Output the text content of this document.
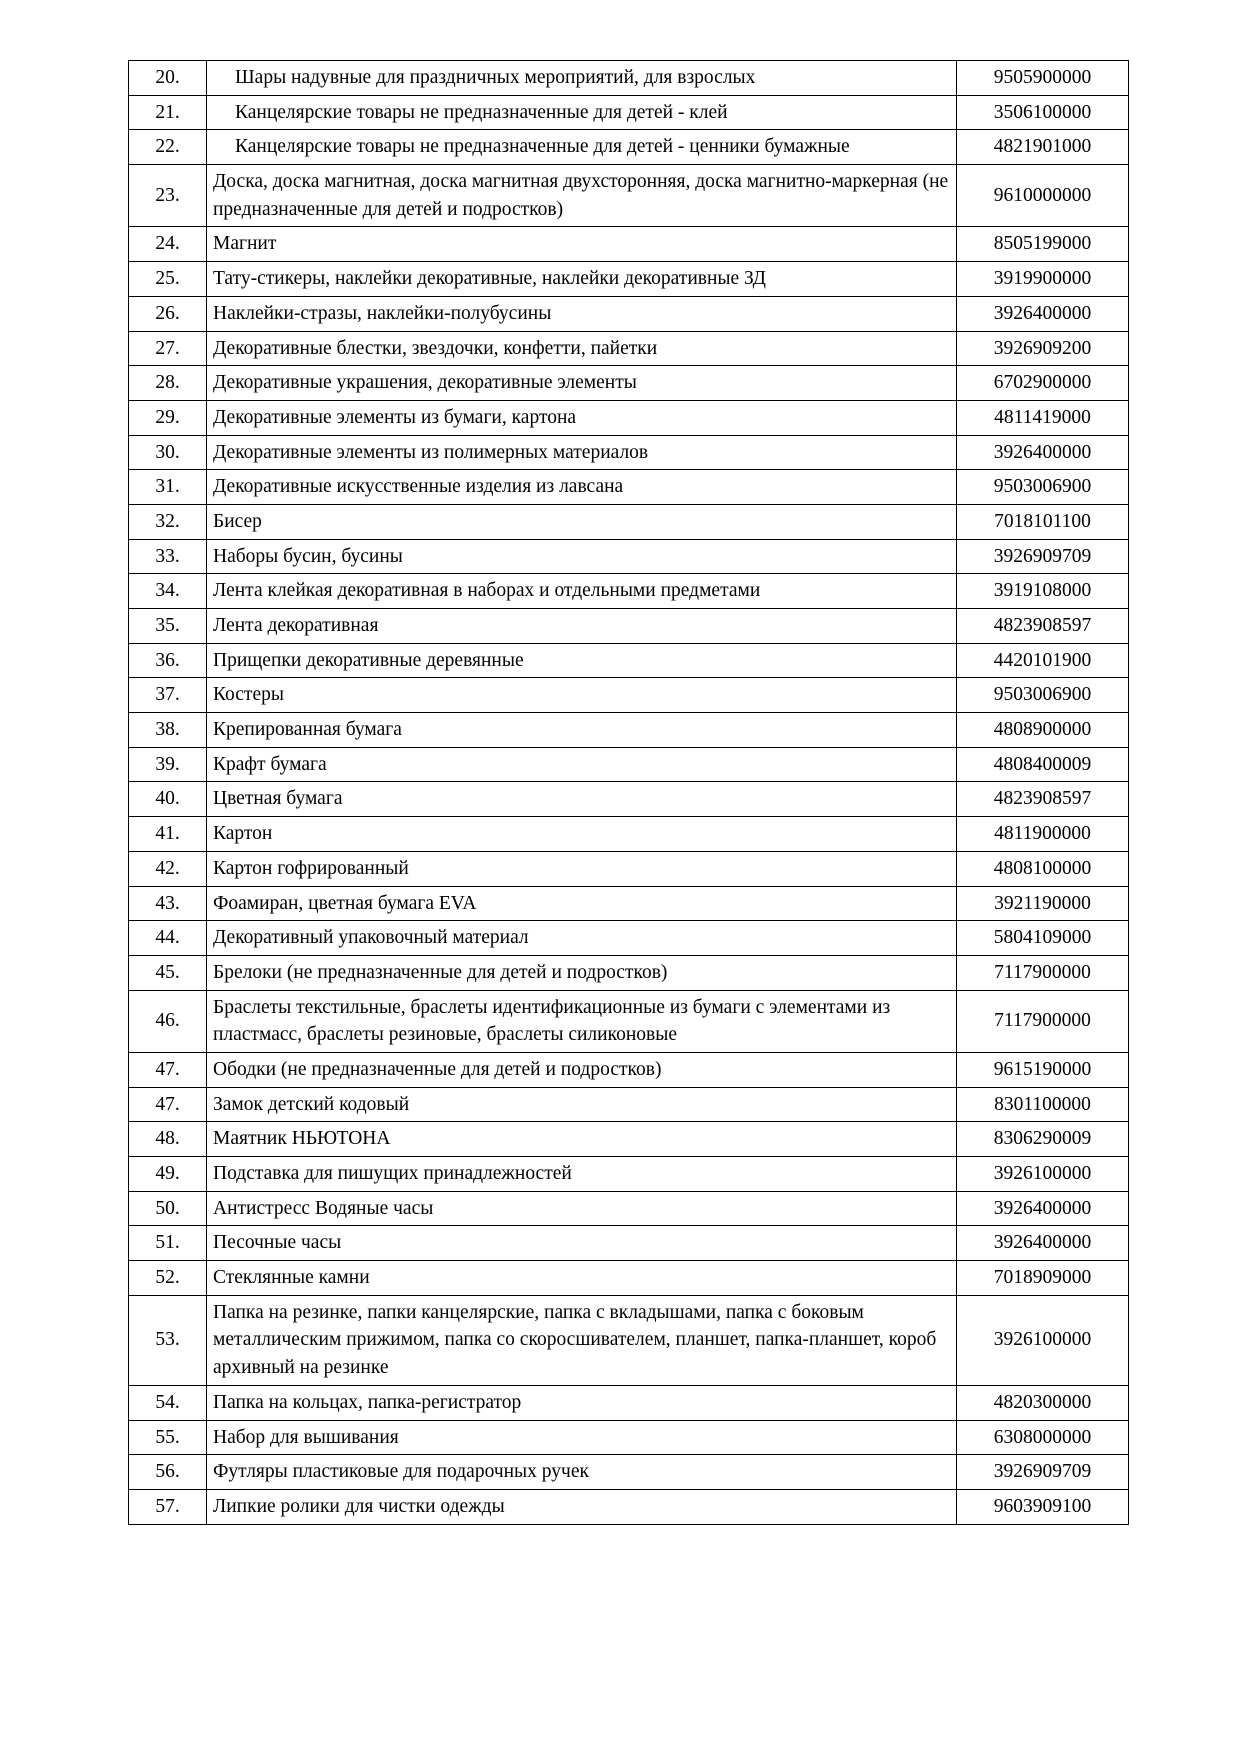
20.	Шары надувные для праздничных мероприятий, для взрослых	9505900000
21.	Канцелярские товары не предназначенные для детей - клей	3506100000
22.	Канцелярские товары не предназначенные для детей - ценники бумажные	4821901000
23.	Доска, доска магнитная, доска магнитная двухсторонняя, доска магнитно-маркерная (не предназначенные для детей и подростков)	9610000000
24.	Магнит	8505199000
25.	Тату-стикеры, наклейки декоративные, наклейки декоративные ЗД	3919900000
26.	Наклейки-стразы, наклейки-полубусины	3926400000
27.	Декоративные блестки, звездочки, конфетти, пайетки	3926909200
28.	Декоративные украшения, декоративные элементы	6702900000
29.	Декоративные элементы из бумаги, картона	4811419000
30.	Декоративные элементы из полимерных материалов	3926400000
31.	Декоративные искусственные изделия из лавсана	9503006900
32.	Бисер	7018101100
33.	Наборы бусин, бусины	3926909709
34.	Лента клейкая декоративная в наборах и отдельными предметами	3919108000
35.	Лента декоративная	4823908597
36.	Прищепки декоративные деревянные	4420101900
37.	Костеры	9503006900
38.	Крепированная бумага	4808900000
39.	Крафт бумага	4808400009
40.	Цветная бумага	4823908597
41.	Картон	4811900000
42.	Картон гофрированный	4808100000
43.	Фоамиран, цветная бумага EVA	3921190000
44.	Декоративный упаковочный материал	5804109000
45.	Брелоки (не предназначенные для детей и подростков)	7117900000
46.	Браслеты текстильные, браслеты идентификационные из бумаги с элементами из пластмасс, браслеты резиновые, браслеты силиконовые	7117900000
47.	Ободки (не предназначенные для детей и подростков)	9615190000
47.	Замок детский кодовый	8301100000
48.	Маятник НЬЮТОНА	8306290009
49.	Подставка для пишущих принадлежностей	3926100000
50.	Антистресс Водяные часы	3926400000
51.	Песочные часы	3926400000
52.	Стеклянные камни	7018909000
53.	Папка на резинке, папки канцелярские, папка с вкладышами, папка с боковым металлическим прижимом, папка со скоросшивателем, планшет, папка-планшет, короб архивный на резинке	3926100000
54.	Папка на кольцах, папка-регистратор	4820300000
55.	Набор для вышивания	6308000000
56.	Футляры пластиковые для подарочных ручек	3926909709
57.	Липкие ролики для чистки одежды	9603909100
